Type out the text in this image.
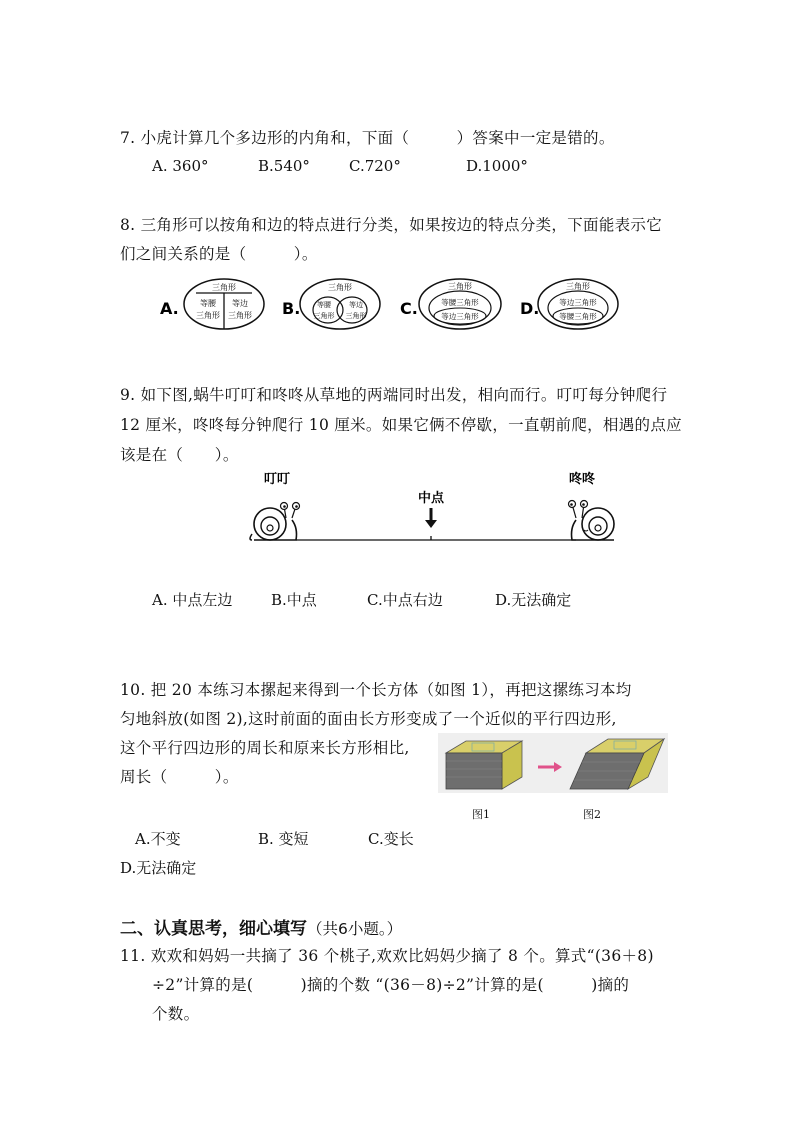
7. 小虎计算几个多边形的内角和，下面（　　　）答案中一定是错的。
A. 360°	B.540°	C.720°	D.1000°
8. 三角形可以按角和边的特点进行分类，如果按边的特点分类，下面能表示它
们之间关系的是（　　　）。
A.
三角形
等腰
三角形
等边
三角形 B.
三角形
等腰
三角形
等边
三角形 C.
三角形
等腰三角形
等边三角形	D.
三角形
等边三角形
等腰三角形
9. 如下图,蜗牛叮叮和咚咚从草地的两端同时出发，相向而行。叮叮每分钟爬行
12 厘米，咚咚每分钟爬行 10 厘米。如果它俩不停歇，一直朝前爬，相遇的点应
该是在（　　）。
叮叮	咚咚
中点
A. 中点左边	B.中点	C.中点右边	D.无法确定
10. 把 20 本练习本摞起来得到一个长方体（如图 1），再把这摞练习本均
匀地斜放(如图 2),这时前面的面由长方形变成了一个近似的平行四边形,
这个平行四边形的周长和原来长方形相比,
周长（　　　）。
图1	图2
A.不变	B. 变短	C.变长
D.无法确定
二、认真思考，细心填写（共6小题。）
11. 欢欢和妈妈一共摘了 36 个桃子,欢欢比妈妈少摘了 8 个。算式“(36＋8)
÷2”计算的是(　　　)摘的个数 “(36－8)÷2”计算的是(　　　)摘的
个数。
